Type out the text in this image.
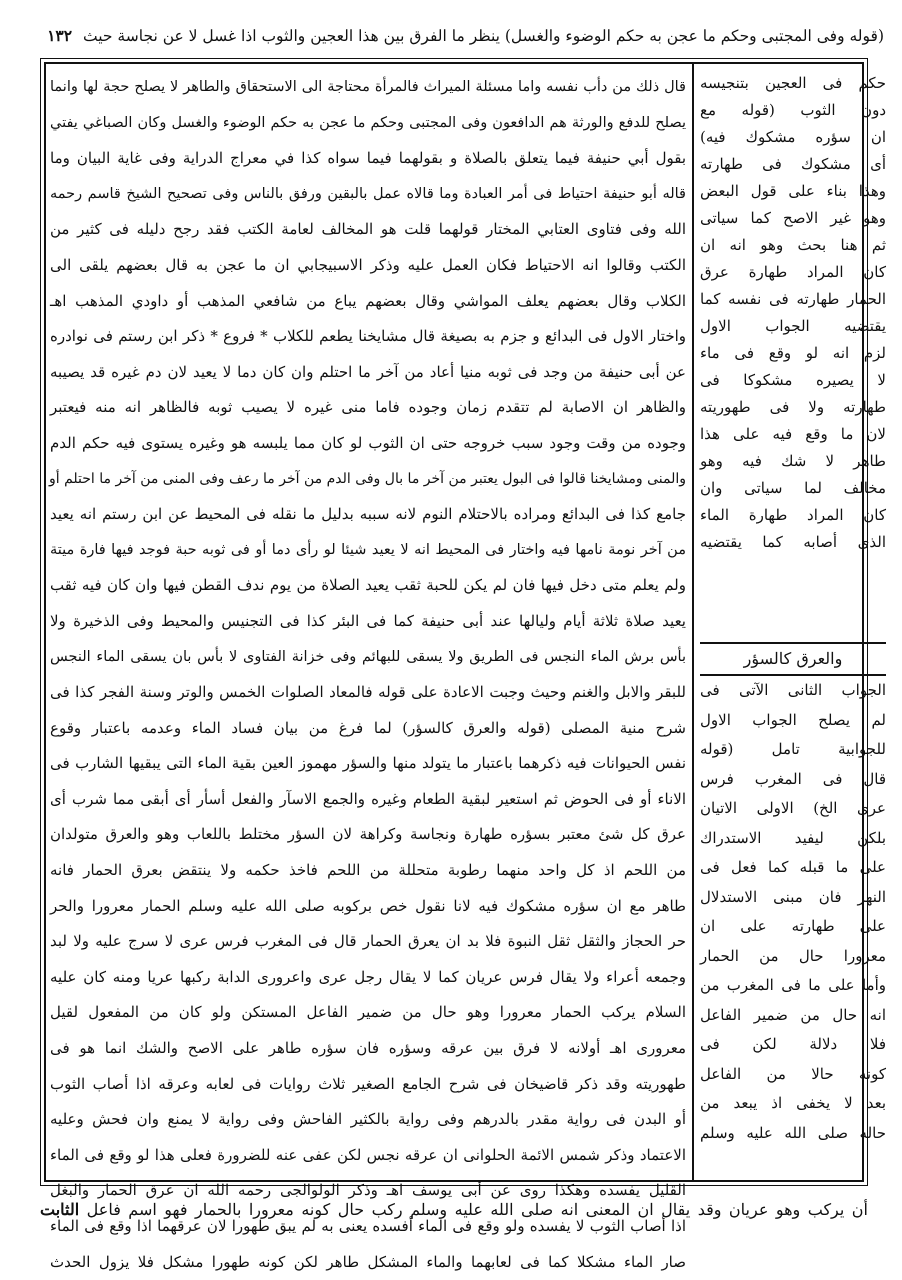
(قوله وفى المجتبى وحكم ما عجن به حكم الوضوء والغسل) ينظر ما الفرق بين هذا العجين والثوب اذا غسل لا عن نجاسة حيث ١٣٢
قال ذلك من دأب نفسه واما مسئلة الميراث فالمرأة محتاجة الى الاستحقاق والطاهر لا يصلح حجة لها وانما
يصلح للدفع والورثة هم الدافعون وفى المجتبى وحكم ما عجن به حكم الوضوء والغسل وكان الصباغي يفتي
بقول أبي حنيفة فيما يتعلق بالصلاة و بقولهما فيما سواه كذا في معراج الدراية وفى غاية البيان وما
قاله أبو حنيفة احتياط فى أمر العبادة وما قالاه عمل بالبقين ورفق بالناس وفى تصحيح الشيخ قاسم رحمه
الله وفى فتاوى العتابي المختار قولهما قلت هو المخالف لعامة الكتب فقد رجح دليله فى كثير من
الكتب وقالوا انه الاحتياط فكان العمل عليه وذكر الاسبيجابي ان ما عجن به قال بعضهم يلقى الى
الكلاب وقال بعضهم يعلف المواشي وقال بعضهم يباع من شافعي المذهب أو داودي المذهب اهـ
واختار الاول فى البدائع و جزم به بصيغة قال مشايخنا يطعم للكلاب * فروع * ذكر ابن رستم فى نوادره
عن أبى حنيفة من وجد فى ثوبه منيا أعاد من آخر ما احتلم وان كان دما لا يعيد لان دم غيره قد يصيبه
والظاهر ان الاصابة لم تتقدم زمان وجوده فاما منى غيره لا يصيب ثوبه فالظاهر انه منه فيعتبر
وجوده من وقت وجود سبب خروجه حتى ان الثوب لو كان مما يلبسه هو وغيره يستوى فيه حكم الدم
والمنى ومشايخنا قالوا فى البول يعتبر من آخر ما بال وفى الدم من آخر ما رعف وفى المنى من آخر ما احتلم أو
جامع كذا فى البدائع ومراده بالاحتلام النوم لانه سببه بدليل ما نقله فى المحيط عن ابن رستم انه يعيد
من آخر نومة نامها فيه واختار فى المحيط انه لا يعيد شيئا لو رأى دما أو فى ثوبه حبة فوجد فيها فارة ميتة
ولم يعلم متى دخل فيها فان لم يكن للحبة ثقب يعيد الصلاة من يوم ندف القطن فيها وان كان فيه ثقب
يعيد صلاة ثلاثة أيام وليالها عند أبى حنيفة كما فى البئر كذا فى التجنيس والمحيط وفى الذخيرة ولا
بأس برش الماء النجس فى الطريق ولا يسقى للبهائم وفى خزانة الفتاوى لا بأس بان يسقى الماء النجس
للبقر والابل والغنم وحيث وجبت الاعادة على قوله فالمعاد الصلوات الخمس والوتر وسنة الفجر كذا فى
شرح منية المصلى (قوله والعرق كالسؤر) لما فرغ من بيان فساد الماء وعدمه باعتبار وقوع
نفس الحيوانات فيه ذكرهما باعتبار ما يتولد منها والسؤر مهموز العين بقية الماء التى يبقيها الشارب فى
الاناء أو فى الحوض ثم استعير لبقية الطعام وغيره والجمع الاسآر والفعل أسأر أى أبقى مما شرب أى
عرق كل شئ معتبر بسؤره طهارة ونجاسة وكراهة لان السؤر مختلط باللعاب وهو والعرق متولدان
من اللحم اذ كل واحد منهما رطوبة متحللة من اللحم فاخذ حكمه ولا ينتقض بعرق الحمار فانه
طاهر مع ان سؤره مشكوك فيه لانا نقول خص بركوبه صلى الله عليه وسلم الحمار معرورا والحر
حر الحجاز والثقل ثقل النبوة فلا بد ان يعرق الحمار قال فى المغرب فرس عرى لا سرج عليه ولا لبد
وجمعه أعراء ولا يقال فرس عريان كما لا يقال رجل عرى واعرورى الدابة ركبها عريا ومنه كان عليه
السلام يركب الحمار معرورا وهو حال من ضمير الفاعل المستكن ولو كان من المفعول لقيل
معرورى اهـ أولانه لا فرق بين عرقه وسؤره فان سؤره طاهر على الاصح والشك انما هو فى
طهوريته وقد ذكر قاضيخان فى شرح الجامع الصغير ثلاث روايات فى لعابه وعرقه اذا أصاب الثوب
أو البدن فى رواية مقدر بالدرهم وفى رواية بالكثير الفاحش وفى رواية لا يمنع وان فحش وعليه
الاعتماد وذكر شمس الائمة الحلوانى ان عرقه نجس لكن عفى عنه للضرورة فعلى هذا لو وقع فى الماء
القليل يفسده وهكذا روى عن أبى يوسف اهـ وذكر الولوالجى رحمه الله ان عرق الحمار والبغل
اذا أصاب الثوب لا يفسده ولو وقع فى الماء أفسده يعنى به لم يبق طهورا لان عرقهما اذا وقع فى الماء
صار الماء مشكلا كما فى لعابهما والماء المشكل طاهر لكن كونه طهورا مشكل فلا يزول الحدث
حكم فى العجين بتنجيسه
دون الثوب (قوله مع
ان سؤره مشكوك فيه)
أى مشكوك فى طهارته
وهذا بناء على قول البعض
وهو غير الاصح كما سياتى
ثم هنا بحث وهو انه ان
كان المراد طهارة عرق
الحمار طهارته فى نفسه كما
يقتضيه الجواب الاول
لزم انه لو وقع فى ماء
لا يصيره مشكوكا فى
طهارته ولا فى طهوريته
لان ما وقع فيه على هذا
طاهر لا شك فيه وهو
مخالف لما سياتى وان
كان المراد طهارة الماء
الذى أصابه كما يقتضيه
والعرق كالسؤر
الجواب الثانى الآتى فى
لم يصلح الجواب الاول
للجوابية تامل (قوله
قال فى المغرب فرس
عرى الخ) الاولى الاتيان
بلكن ليفيد الاستدراك
على ما قبله كما فعل فى
النهر فان مبنى الاستدلال
على طهارته على ان
معرورا حال من الحمار
وأما على ما فى المغرب من
انه حال من ضمير الفاعل
فلا دلالة لكن فى
كونه حالا من الفاعل
بعد لا يخفى اذ يبعد من
حاله صلى الله عليه وسلم
أن يركب وهو عريان وقد يقال ان المعنى انه صلى الله عليه وسلم ركب حال كونه معرورا بالحمار فهو اسم فاعل الثابت
